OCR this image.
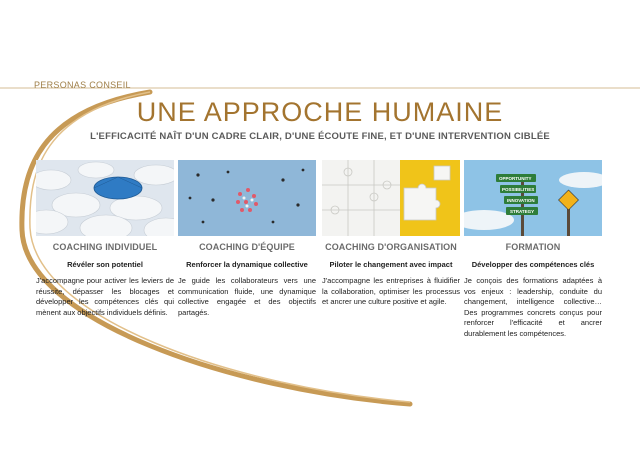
PERSONAS CONSEIL
UNE APPROCHE HUMAINE
L'EFFICACITÉ NAÎT D'UN CADRE CLAIR, D'UNE ÉCOUTE FINE, ET D'UNE INTERVENTION CIBLÉE
COACHING INDIVIDUEL
Révéler son potentiel
J'accompagne pour activer les leviers de réussite, dépasser les blocages et développer les compétences clés qui mènent aux objectifs individuels définis.
COACHING D'ÉQUIPE
Renforcer la dynamique collective
Je guide les collaborateurs vers une communication fluide, une dynamique collective engagée et des objectifs partagés.
COACHING D'ORGANISATION
Piloter le changement avec impact
J'accompagne les entreprises à fluidifier la collaboration, optimiser les processus et ancrer une culture positive et agile.
OPPORTUNITY
POSSIBILITIES
INNOVATION
STRATEGY
FORMATION
Développer des compétences clés
Je conçois des formations adaptées à vos enjeux : leadership, conduite du changement, intelligence collective… Des programmes concrets conçus pour renforcer l'efficacité et ancrer durablement les compétences.
